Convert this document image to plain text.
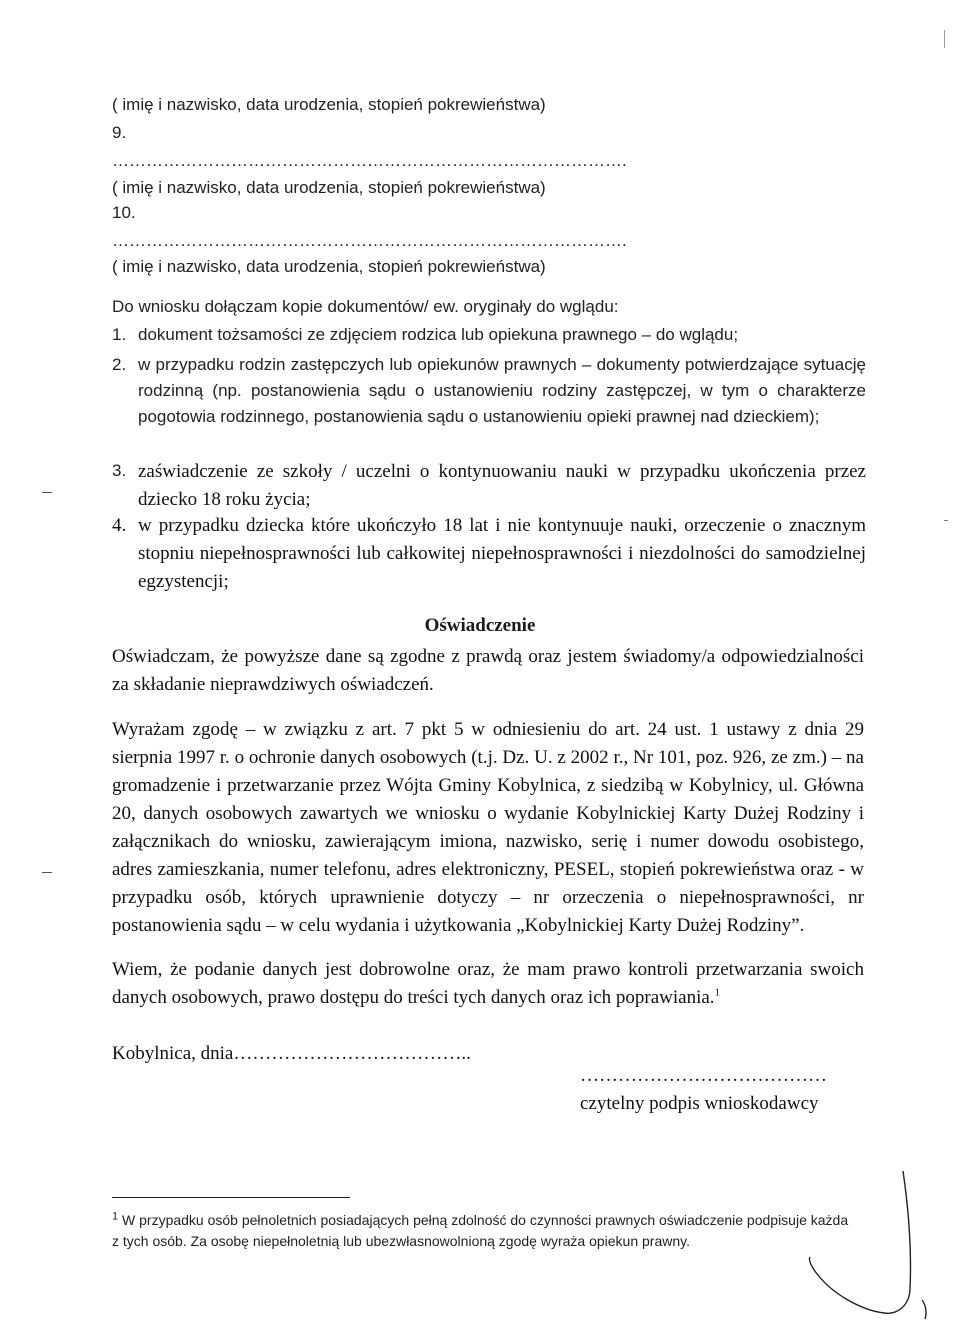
( imię i nazwisko, data urodzenia, stopień pokrewieństwa)
9.
……………………………………………………………………………….
( imię i nazwisko, data urodzenia, stopień pokrewieństwa)
10.
……………………………………………………………………………….
( imię i nazwisko, data urodzenia, stopień pokrewieństwa)
Do wniosku dołączam kopie dokumentów/ ew. oryginały do wglądu:
1. dokument tożsamości ze zdjęciem rodzica lub opiekuna prawnego – do wglądu;
2. w przypadku rodzin zastępczych lub opiekunów prawnych – dokumenty potwierdzające sytuację rodzinną (np. postanowienia sądu o ustanowieniu rodziny zastępczej, w tym o charakterze pogotowia rodzinnego, postanowienia sądu o ustanowieniu opieki prawnej nad dzieckiem);
3. zaświadczenie ze szkoły / uczelni o kontynuowaniu nauki w przypadku ukończenia przez dziecko 18 roku życia;
4. w przypadku dziecka które ukończyło 18 lat i nie kontynuuje nauki, orzeczenie o znacznym stopniu niepełnosprawności lub całkowitej niepełnosprawności i niezdolności do samodzielnej egzystencji;
Oświadczenie
Oświadczam, że powyższe dane są zgodne z prawdą oraz jestem świadomy/a odpowiedzialności za składanie nieprawdziwych oświadczeń.
Wyrażam zgodę – w związku z art. 7 pkt 5 w odniesieniu do art. 24 ust. 1 ustawy z dnia 29 sierpnia 1997 r. o ochronie danych osobowych (t.j. Dz. U. z 2002 r., Nr 101, poz. 926, ze zm.) – na gromadzenie i przetwarzanie przez Wójta Gminy Kobylnica, z siedzibą w Kobylnicy, ul. Główna 20, danych osobowych zawartych we wniosku o wydanie Kobylnickiej Karty Dużej Rodziny i załącznikach do wniosku, zawierającym imiona, nazwisko, serię i numer dowodu osobistego, adres zamieszkania, numer telefonu, adres elektroniczny, PESEL, stopień pokrewieństwa oraz - w przypadku osób, których uprawnienie dotyczy – nr orzeczenia o niepełnosprawności, nr postanowienia sądu – w celu wydania i użytkowania „Kobylnickiej Karty Dużej Rodziny”.
Wiem, że podanie danych jest dobrowolne oraz, że mam prawo kontroli przetwarzania swoich danych osobowych, prawo dostępu do treści tych danych oraz ich poprawiania.$^1$
Kobylnica, dnia………………………………..
…………………………………
czytelny podpis wnioskodawcy
$^1$ W przypadku osób pełnoletnich posiadających pełną zdolność do czynności prawnych oświadczenie podpisuje każda z tych osób. Za osobę niepełnoletnią lub ubezwłasnowolnioną zgodę wyraża opiekun prawny.
